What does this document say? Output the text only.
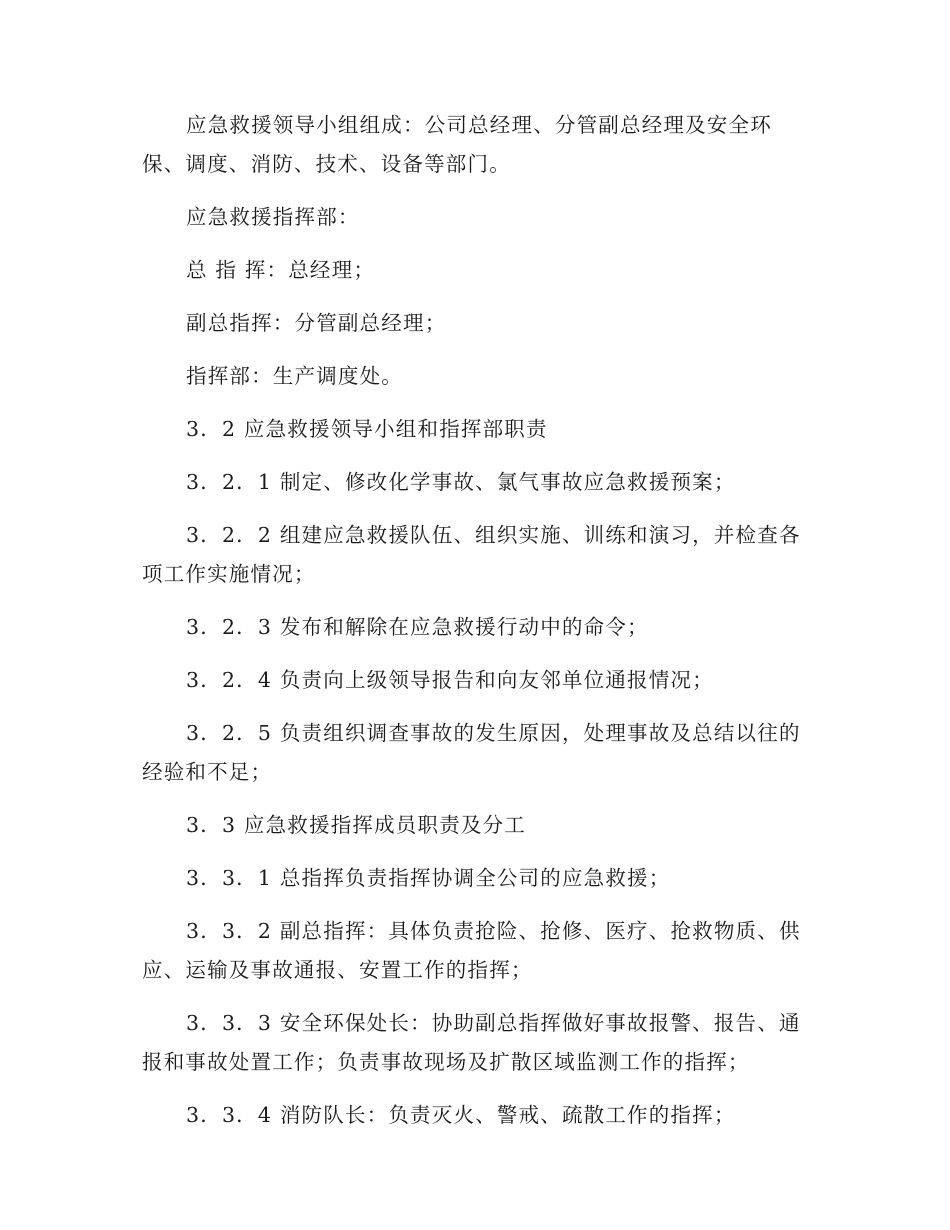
应急救援领导小组组成：公司总经理、分管副总经理及安全环保、调度、消防、技术、设备等部门。

应急救援指挥部：

总 指 挥：总经理；

副总指挥：分管副总经理；

指挥部：生产调度处。

3．2 应急救援领导小组和指挥部职责

3．2．1 制定、修改化学事故、氯气事故应急救援预案；

3．2．2 组建应急救援队伍、组织实施、训练和演习，并检查各项工作实施情况；

3．2．3 发布和解除在应急救援行动中的命令；

3．2．4 负责向上级领导报告和向友邻单位通报情况；

3．2．5 负责组织调查事故的发生原因，处理事故及总结以往的经验和不足；

3．3 应急救援指挥成员职责及分工

3．3．1 总指挥负责指挥协调全公司的应急救援；

3．3．2 副总指挥：具体负责抢险、抢修、医疗、抢救物质、供应、运输及事故通报、安置工作的指挥；

3．3．3 安全环保处长：协助副总指挥做好事故报警、报告、通报和事故处置工作；负责事故现场及扩散区域监测工作的指挥；

3．3．4 消防队长：负责灭火、警戒、疏散工作的指挥；
